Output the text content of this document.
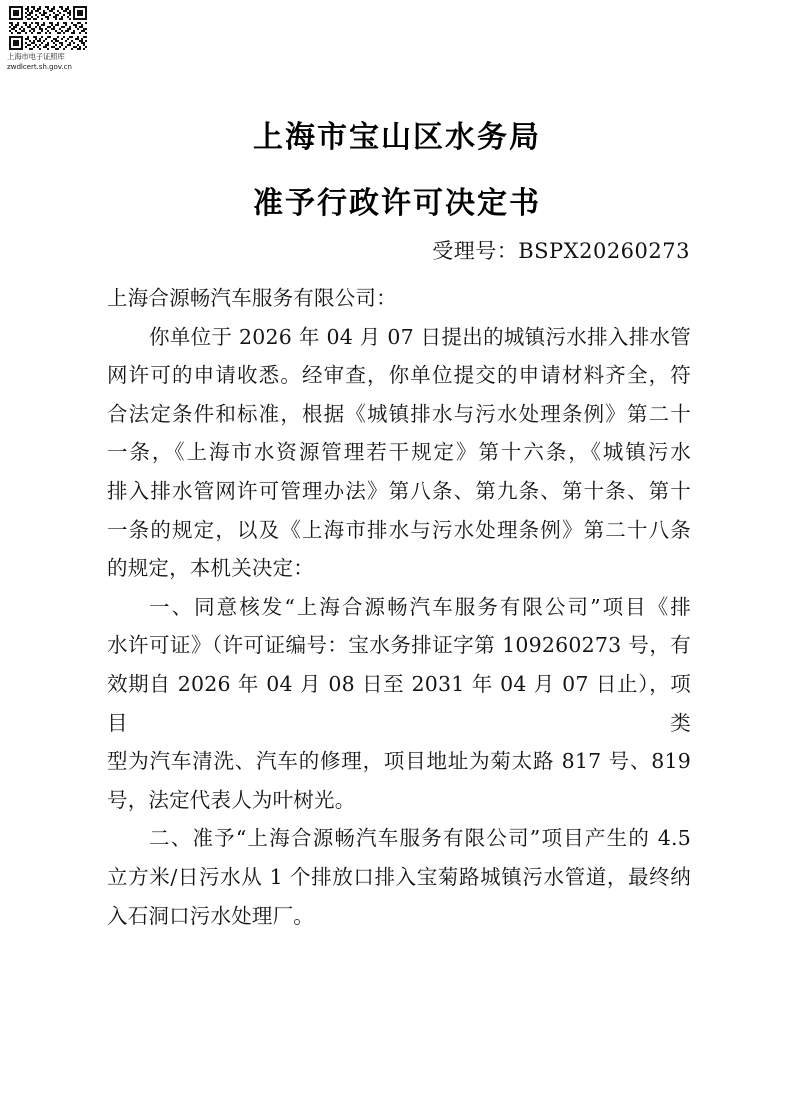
上海市电子证照库
zwdlcert.sh.gov.cn
上海市宝山区水务局
准予行政许可决定书
受理号：BSPX20260273
上海合源畅汽车服务有限公司：
你单位于 2026 年 04 月 07 日提出的城镇污水排入排水管
网许可的申请收悉。经审查，你单位提交的申请材料齐全，符
合法定条件和标准，根据《城镇排水与污水处理条例》第二十
一条，《上海市水资源管理若干规定》第十六条，《城镇污水
排入排水管网许可管理办法》第八条、第九条、第十条、第十
一条的规定，以及《上海市排水与污水处理条例》第二十八条
的规定，本机关决定：
一、同意核发“上海合源畅汽车服务有限公司”项目《排
水许可证》（许可证编号：宝水务排证字第 109260273 号，有
效期自 2026 年 04 月 08 日至 2031 年 04 月 07 日止），项目类
型为汽车清洗、汽车的修理，项目地址为菊太路 817 号、819
号，法定代表人为叶树光。
二、准予“上海合源畅汽车服务有限公司”项目产生的 4.5
立方米/日污水从 1 个排放口排入宝菊路城镇污水管道，最终纳
入石洞口污水处理厂。
